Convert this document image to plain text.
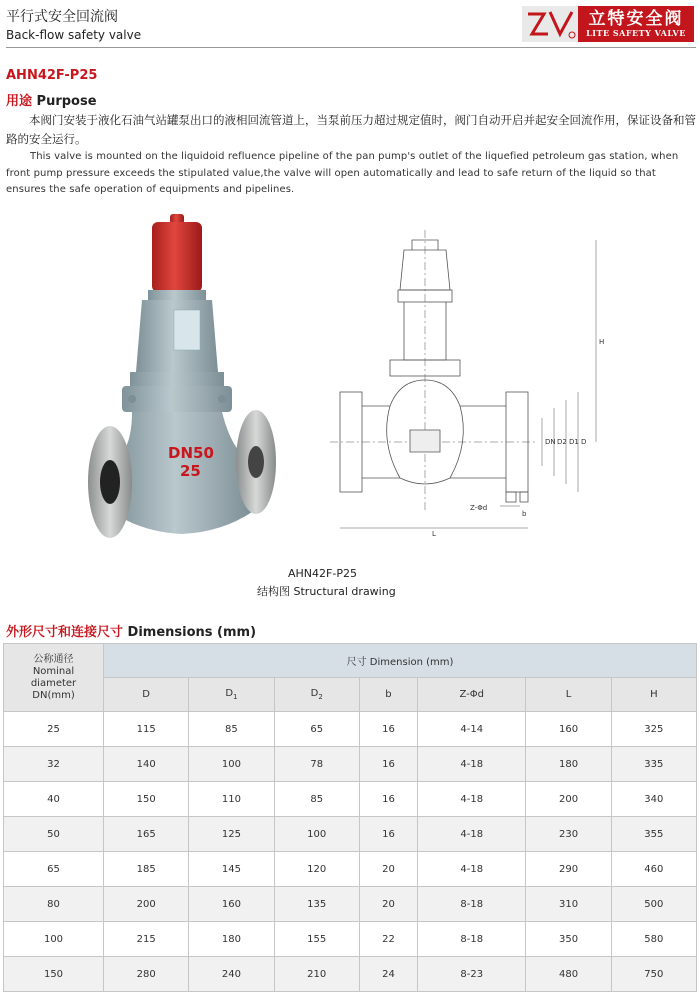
平行式安全回流阀
Back-flow safety valve
立特安全阀
LITE SAFETY VALVE
AHN42F-P25
用途 Purpose
本阀门安装于液化石油气站罐泵出口的液相回流管道上，当泵前压力超过规定值时，阀门自动开启并起安全回流作用，保证设备和管路的安全运行。
This valve is mounted on the liquidoid refluence pipeline of the pan pump's outlet of the liquefied petroleum gas station, when front pump pressure exceeds the stipulated value,the valve will open automatically and lead to safe return of the liquid so that ensures the safe operation of equipments and pipelines.
DN50
25
H
L
D
D1
D2
DN
b
Z-Φd
AHN42F-P25
结构图 Structural drawing
外形尺寸和连接尺寸 Dimensions (mm)
公称通径
Nominal
diameter
DN(mm)	尺寸 Dimension (mm)						
	D	$D_1$	$D_2$	b	Z-Φd	L	H
25	115	85	65	16	4-14	160	325
32	140	100	78	16	4-18	180	335
40	150	110	85	16	4-18	200	340
50	165	125	100	16	4-18	230	355
65	185	145	120	20	4-18	290	460
80	200	160	135	20	8-18	310	500
100	215	180	155	22	8-18	350	580
150	280	240	210	24	8-23	480	750
